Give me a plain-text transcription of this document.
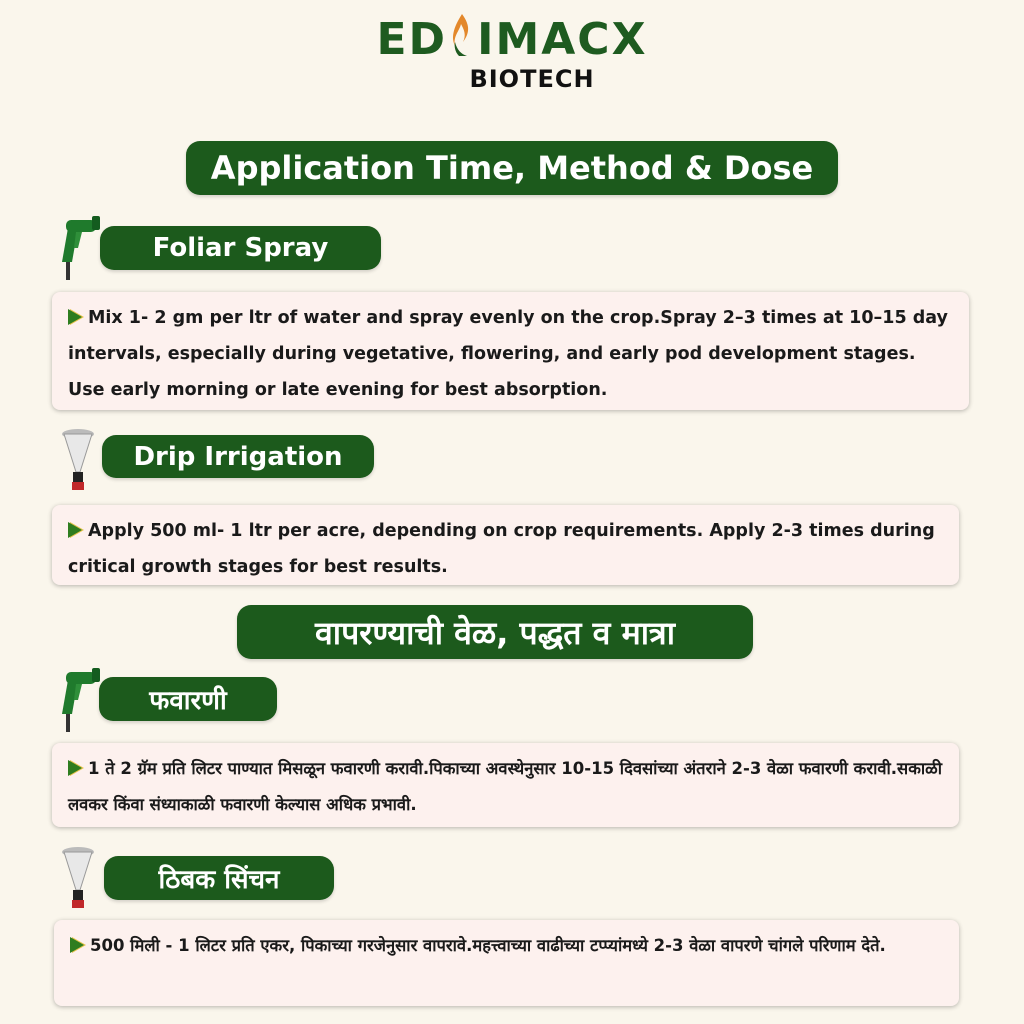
ED IMACX
BIOTECH
Application Time, Method & Dose
Foliar Spray
Mix 1- 2 gm per ltr of water and spray evenly on the crop.Spray 2–3 times at 10–15 day intervals, especially during vegetative, flowering, and early pod development stages. Use early morning or late evening for best absorption.
Drip Irrigation
Apply 500 ml- 1 ltr per acre, depending on crop requirements. Apply 2-3 times during critical growth stages for best results.
वापरण्याची वेळ, पद्धत व मात्रा
फवारणी
1 ते 2 ग्रॅम प्रति लिटर पाण्यात मिसळून फवारणी करावी.पिकाच्या अवस्थेनुसार 10-15 दिवसांच्या अंतराने 2-3 वेळा फवारणी करावी.सकाळी लवकर किंवा संध्याकाळी फवारणी केल्यास अधिक प्रभावी.
ठिबक सिंचन
500 मिली - 1 लिटर प्रति एकर, पिकाच्या गरजेनुसार वापरावे.महत्त्वाच्या वाढीच्या टप्प्यांमध्ये 2-3 वेळा वापरणे चांगले परिणाम देते.
